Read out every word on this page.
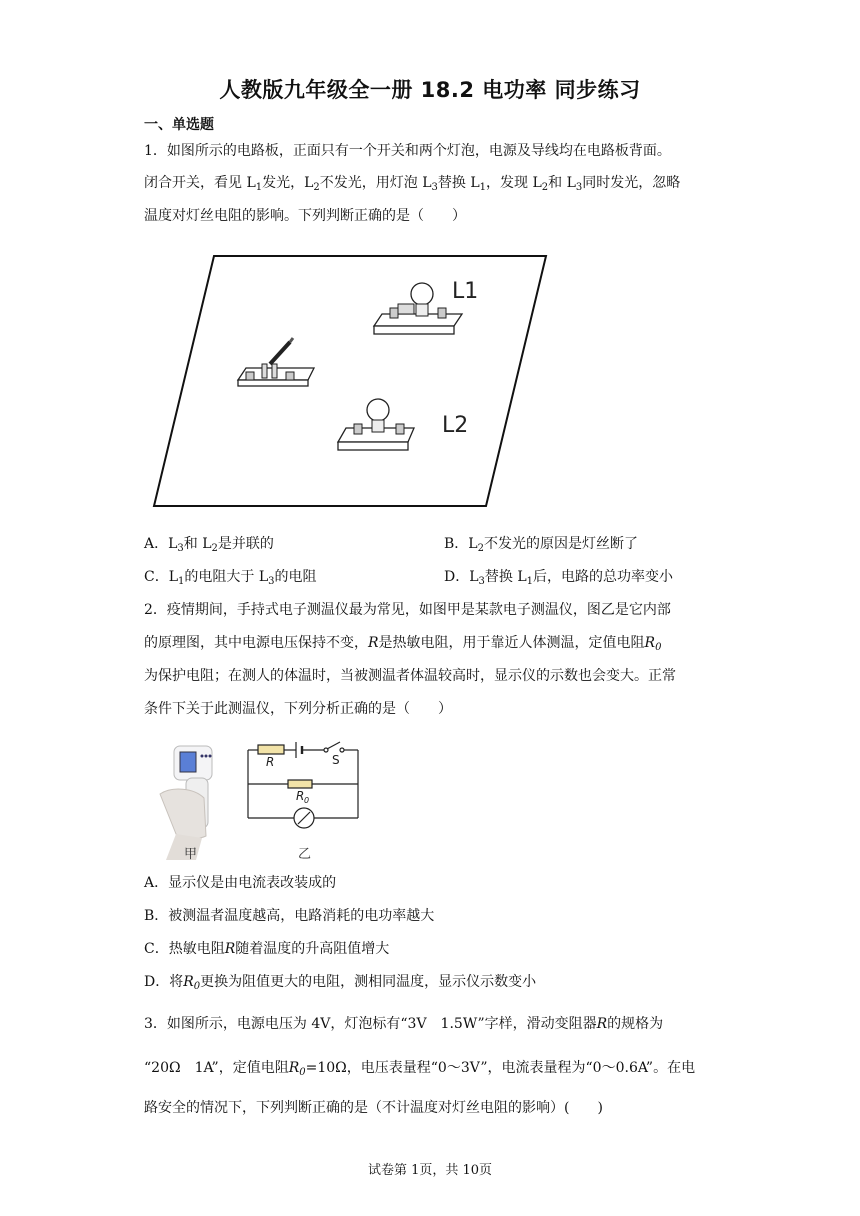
人教版九年级全一册 18.2 电功率 同步练习
一、单选题
1．如图所示的电路板，正面只有一个开关和两个灯泡，电源及导线均在电路板背面。
闭合开关，看见 $L_1$发光，$L_2$不发光，用灯泡 $L_3$替换 $L_1$，发现 $L_2$和 $L_3$同时发光，忽略
温度对灯丝电阻的影响。下列判断正确的是（　　）
L1
L2
A．$L_3$和 $L_2$是并联的	B．$L_2$不发光的原因是灯丝断了
C．$L_1$的电阻大于 $L_3$的电阻	D．$L_3$替换 $L_1$后，电路的总功率变小
2．疫情期间，手持式电子测温仪最为常见，如图甲是某款电子测温仪，图乙是它内部
的原理图，其中电源电压保持不变，R是热敏电阻，用于靠近人体测温，定值电阻$R_0$
为保护电阻；在测人的体温时，当被测温者体温较高时，显示仪的示数也会变大。正常
条件下关于此测温仪，下列分析正确的是（　　）
甲
R	S
R 0
乙
A．显示仪是由电流表改装成的
B．被测温者温度越高，电路消耗的电功率越大
C．热敏电阻R随着温度的升高阻值增大
D．将$R_0$更换为阻值更大的电阻，测相同温度，显示仪示数变小
3．如图所示，电源电压为 4V，灯泡标有“3V　1.5W”字样，滑动变阻器R的规格为
“20Ω　1A”，定值电阻$R_0=10\Omega$，电压表量程“0～3V”，电流表量程为“0～0.6A”。在电
路安全的情况下，下列判断正确的是（不计温度对灯丝电阻的影响）(　　)
试卷第 1页，共 10页
